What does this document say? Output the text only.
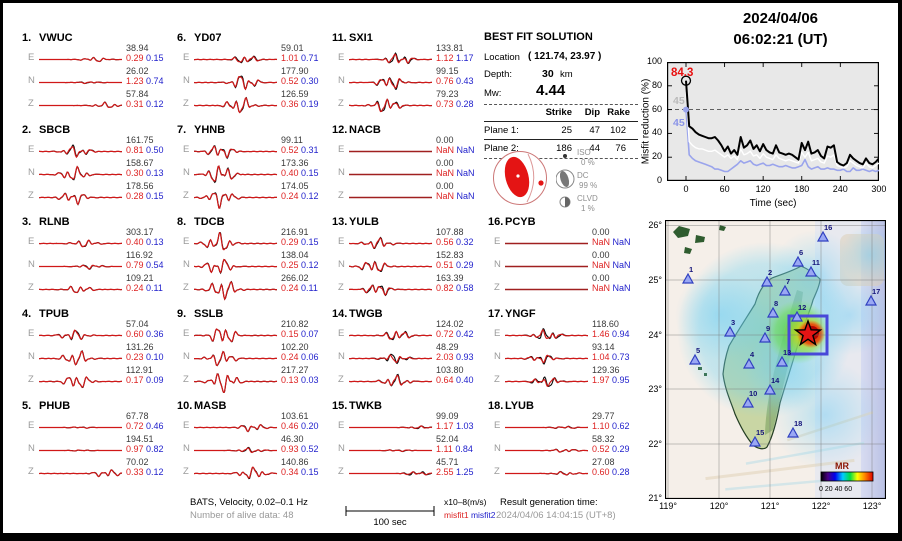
1. VWUC
E
38.94
0.29 0.15
N
26.02
1.23 0.74
Z
57.84
0.31 0.12
2. SBCB
E
161.75
0.81 0.50
N
158.67
0.30 0.13
Z
178.56
0.28 0.15
3. RLNB
E
303.17
0.40 0.13
N
116.92
0.79 0.54
Z
109.21
0.24 0.11
4. TPUB
E
57.04
0.60 0.36
N
131.26
0.23 0.10
Z
112.91
0.17 0.09
5. PHUB
E
67.78
0.72 0.46
N
194.51
0.97 0.82
Z
70.02
0.33 0.12
6. YD07
E
59.01
1.01 0.71
N
177.90
0.52 0.30
Z
126.59
0.36 0.19
7. YHNB
E
99.11
0.52 0.31
N
173.36
0.40 0.15
Z
174.05
0.24 0.12
8. TDCB
E
216.91
0.29 0.15
N
138.04
0.25 0.12
Z
266.02
0.24 0.11
9. SSLB
E
210.82
0.15 0.07
N
102.20
0.24 0.06
Z
217.27
0.13 0.03
10. MASB
E
103.61
0.46 0.20
N
46.30
0.93 0.52
Z
140.86
0.34 0.15
11. SXI1
E
133.81
1.12 1.17
N
99.15
0.76 0.43
Z
79.23
0.73 0.28
12. NACB
E
0.00
NaN NaN
N
0.00
NaN NaN
Z
0.00
NaN NaN
13. YULB
E
107.88
0.56 0.32
N
152.83
0.51 0.29
Z
163.39
0.82 0.58
14. TWGB
E
124.02
0.72 0.42
N
48.29
2.03 0.93
Z
103.80
0.64 0.40
15. TWKB
E
99.09
1.17 1.03
N
52.04
1.11 0.84
Z
45.71
2.55 1.25
16. PCYB
E
0.00
NaN NaN
N
0.00
NaN NaN
Z
0.00
NaN NaN
17. YNGF
E
118.60
1.46 0.94
N
93.14
1.04 0.73
Z
129.36
1.97 0.95
18. LYUB
E
29.77
1.10 0.62
N
58.32
0.52 0.29
Z
27.08
0.60 0.28
BEST FIT SOLUTION
Location ( 121.74, 23.97 )
Depth:	30 km
Mw: 4.44
Strike	Dip Rake
Plane 1:	25	47	102
Plane 2:	186	44	76
ISO
0 %
DC
99 %
CLVD
1 %
2024/04/06
06:02:21 (UT)
Misfit reduction (%)
Time (sec)
84.3
45
45
0
20
40
60
80
100
0	60	120	180	240	300
1	2
3
4
5
6
7
8
9
10
11
12
13
14
15
16
17
18
MR
0 20 40 60
26°
25°
24°
23°
22°
21°
119°	120°	121°	122°	123°
BATS, Velocity, 0.02–0.1 Hz
Number of alive data: 48
100 sec
x10–8(m/s)
misfit1 misfit2
Result generation time:
2024/04/06 14:04:15 (UT+8)
